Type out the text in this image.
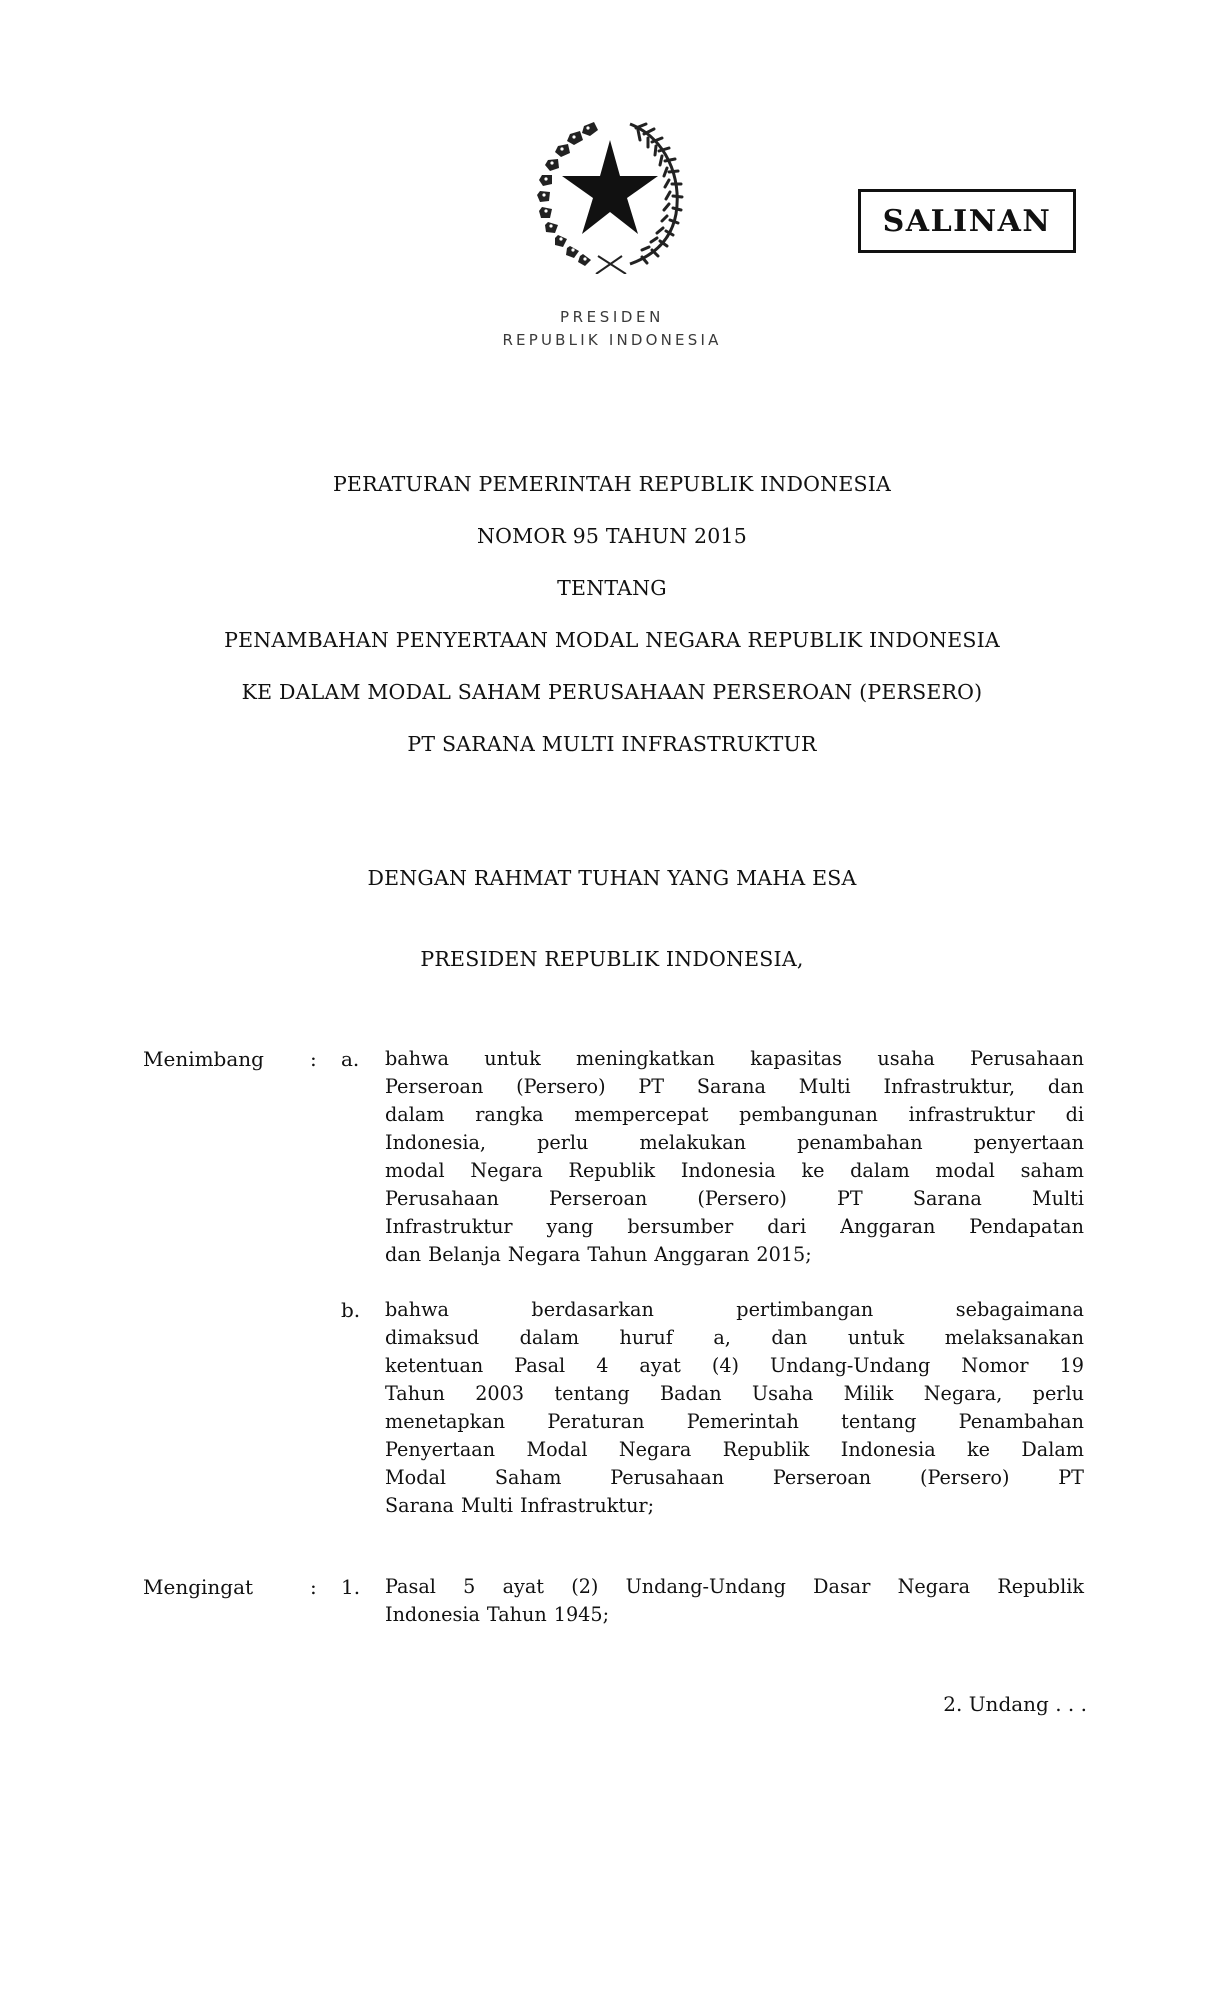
PRESIDEN
REPUBLIK INDONESIA
SALINAN
PERATURAN PEMERINTAH REPUBLIK INDONESIA
NOMOR 95 TAHUN 2015
TENTANG
PENAMBAHAN PENYERTAAN MODAL NEGARA REPUBLIK INDONESIA
KE DALAM MODAL SAHAM PERUSAHAAN PERSEROAN (PERSERO)
PT SARANA MULTI INFRASTRUKTUR
DENGAN RAHMAT TUHAN YANG MAHA ESA
PRESIDEN REPUBLIK INDONESIA,
Menimbang : a. bahwa untuk meningkatkan kapasitas usaha Perusahaan
Perseroan (Persero) PT Sarana Multi Infrastruktur, dan
dalam rangka mempercepat pembangunan infrastruktur di
Indonesia,	perlu	melakukan	penambahan	penyertaan
modal Negara Republik Indonesia ke dalam modal saham
Perusahaan	Perseroan	(Persero)	PT	Sarana	Multi
Infrastruktur yang bersumber dari Anggaran Pendapatan
dan Belanja Negara Tahun Anggaran 2015;
b. bahwa	berdasarkan	pertimbangan	sebagaimana
dimaksud dalam huruf a, dan untuk melaksanakan
ketentuan Pasal 4 ayat (4) Undang-Undang Nomor 19
Tahun 2003 tentang Badan Usaha Milik Negara, perlu
menetapkan Peraturan Pemerintah tentang Penambahan
Penyertaan Modal Negara Republik Indonesia ke Dalam
Modal	Saham	Perusahaan	Perseroan	(Persero)	PT
Sarana Multi Infrastruktur;
Mengingat	: 1. Pasal 5 ayat (2) Undang-Undang Dasar Negara Republik
Indonesia Tahun 1945;
2. Undang . . .
